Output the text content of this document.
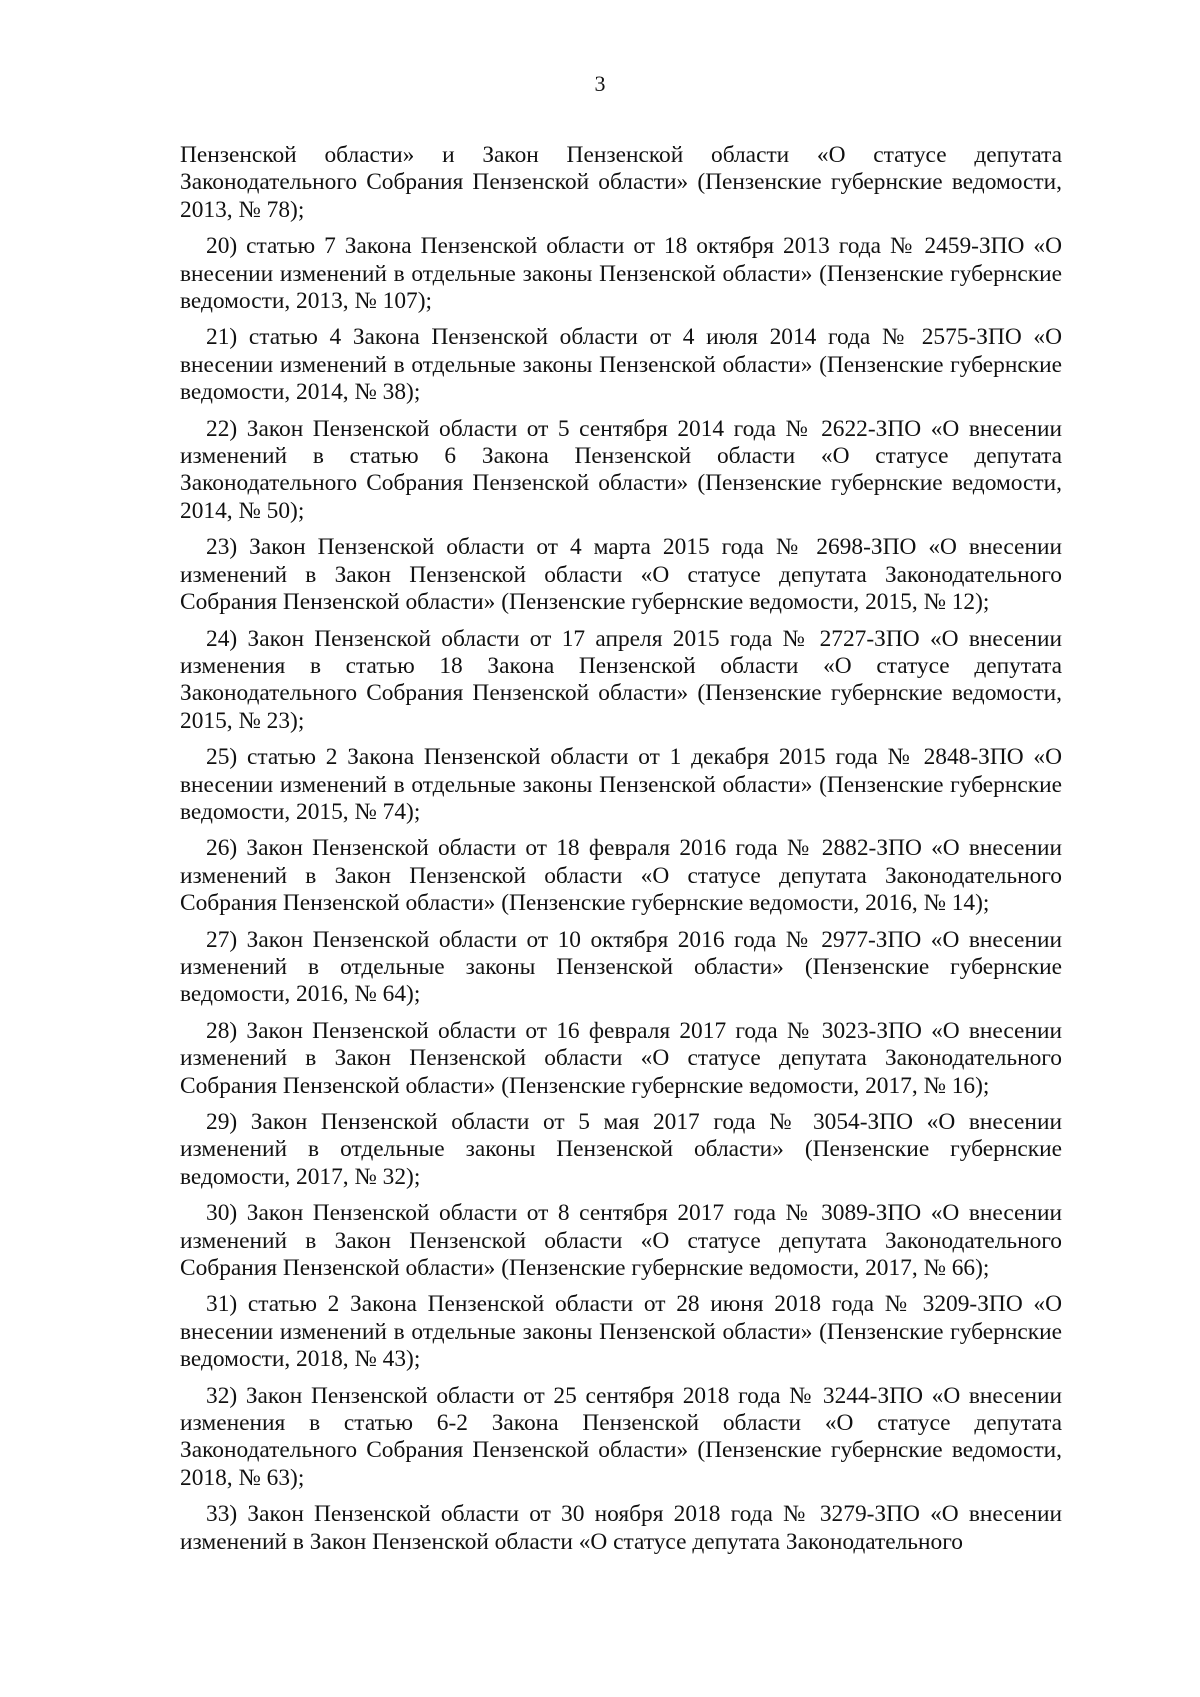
3

Пензенской области» и Закон Пензенской области «О статусе депутата Законодательного Собрания Пензенской области» (Пензенские губернские ведомости, 2013, № 78);

20) статью 7 Закона Пензенской области от 18 октября 2013 года № 2459-ЗПО «О внесении изменений в отдельные законы Пензенской области» (Пензенские губернские ведомости, 2013, № 107);

21) статью 4 Закона Пензенской области от 4 июля 2014 года № 2575-ЗПО «О внесении изменений в отдельные законы Пензенской области» (Пензенские губернские ведомости, 2014, № 38);

22) Закон Пензенской области от 5 сентября 2014 года № 2622-ЗПО «О внесении изменений в статью 6 Закона Пензенской области «О статусе депутата Законодательного Собрания Пензенской области» (Пензенские губернские ведомости, 2014, № 50);

23) Закон Пензенской области от 4 марта 2015 года № 2698-ЗПО «О внесении изменений в Закон Пензенской области «О статусе депутата Законодательного Собрания Пензенской области» (Пензенские губернские ведомости, 2015, № 12);

24) Закон Пензенской области от 17 апреля 2015 года № 2727-ЗПО «О внесении изменения в статью 18 Закона Пензенской области «О статусе депутата Законодательного Собрания Пензенской области» (Пензенские губернские ведомости, 2015, № 23);

25) статью 2 Закона Пензенской области от 1 декабря 2015 года № 2848-ЗПО «О внесении изменений в отдельные законы Пензенской области» (Пензенские губернские ведомости, 2015, № 74);

26) Закон Пензенской области от 18 февраля 2016 года № 2882-ЗПО «О внесении изменений в Закон Пензенской области «О статусе депутата Законодательного Собрания Пензенской области» (Пензенские губернские ведомости, 2016, № 14);

27) Закон Пензенской области от 10 октября 2016 года № 2977-ЗПО «О внесении изменений в отдельные законы Пензенской области» (Пензенские губернские ведомости, 2016, № 64);

28) Закон Пензенской области от 16 февраля 2017 года № 3023-ЗПО «О внесении изменений в Закон Пензенской области «О статусе депутата Законодательного Собрания Пензенской области» (Пензенские губернские ведомости, 2017, № 16);

29) Закон Пензенской области от 5 мая 2017 года № 3054-ЗПО «О внесении изменений в отдельные законы Пензенской области» (Пензенские губернские ведомости, 2017, № 32);

30) Закон Пензенской области от 8 сентября 2017 года № 3089-ЗПО «О внесении изменений в Закон Пензенской области «О статусе депутата Законодательного Собрания Пензенской области» (Пензенские губернские ведомости, 2017, № 66);

31) статью 2 Закона Пензенской области от 28 июня 2018 года № 3209-ЗПО «О внесении изменений в отдельные законы Пензенской области» (Пензенские губернские ведомости, 2018, № 43);

32) Закон Пензенской области от 25 сентября 2018 года № 3244-ЗПО «О внесении изменения в статью 6-2 Закона Пензенской области «О статусе депутата Законодательного Собрания Пензенской области» (Пензенские губернские ведомости, 2018, № 63);

33) Закон Пензенской области от 30 ноября 2018 года № 3279-ЗПО «О внесении изменений в Закон Пензенской области «О статусе депутата Законодательного
